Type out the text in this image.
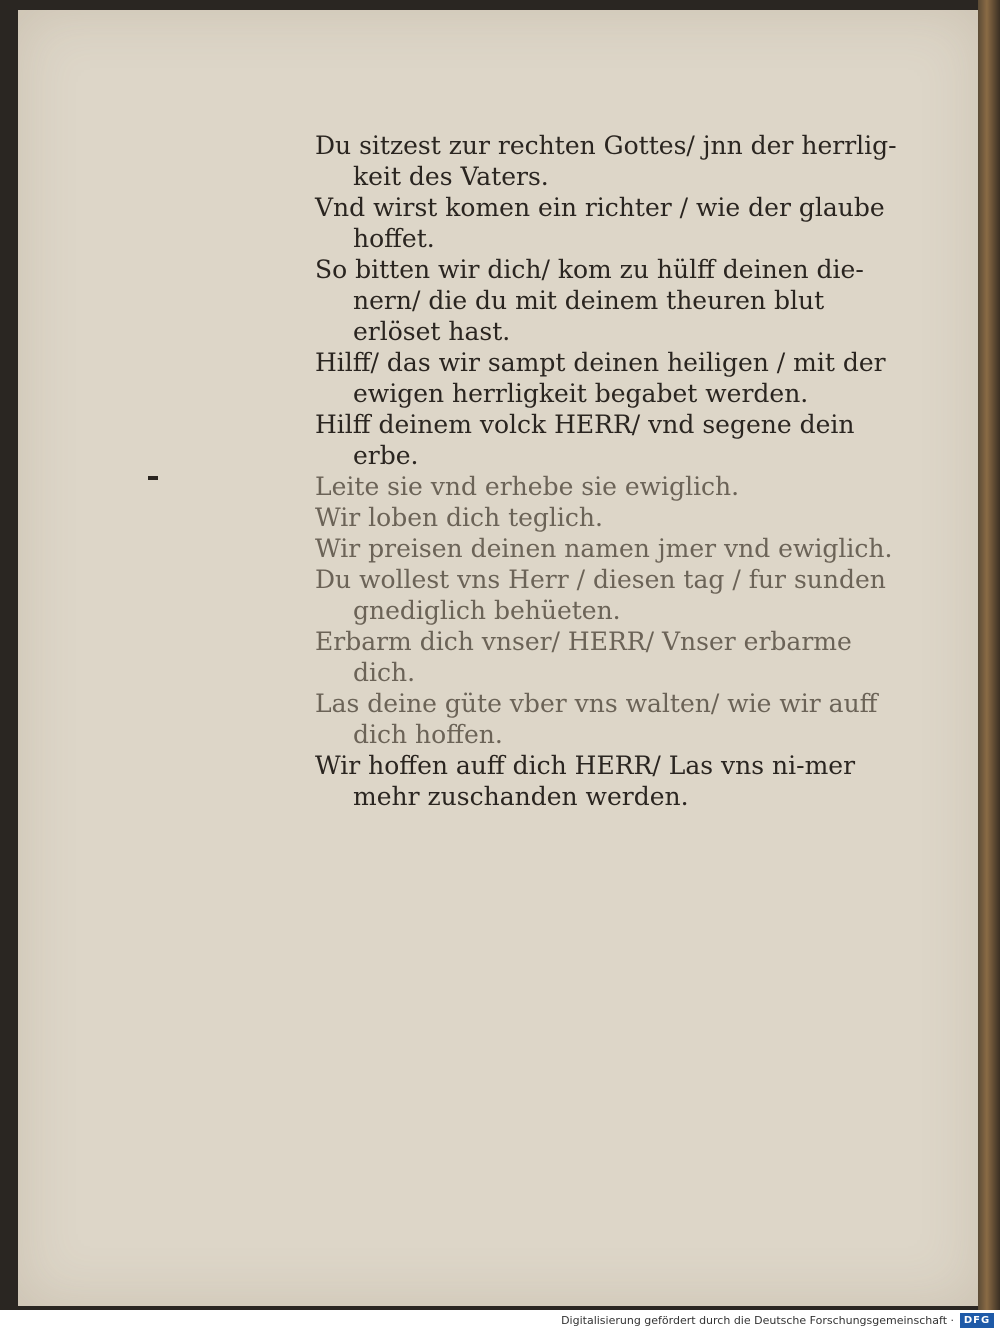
Du sitzest zur rechten Gottes/ jnn der herrlig-keit des Vaters.

Vnd wirst komen ein richter / wie der glaube hoffet.

So bitten wir dich/ kom zu hülff deinen die-nern/ die du mit deinem theuren blut erlöset hast.

Hilff/ das wir sampt deinen heiligen / mit der ewigen herrligkeit begabet werden.

Hilff deinem volck HERR/ vnd segene dein erbe.

Leite sie vnd erhebe sie ewiglich.

Wir loben dich teglich.

Wir preisen deinen namen jmer vnd ewiglich.

Du wollest vns Herr / diesen tag / fur sunden gnediglich behüeten.

Erbarm dich vnser/ HERR/ Vnser erbarme dich.

Las deine güte vber vns walten/ wie wir auff dich hoffen.

Wir hoffen auff dich HERR/ Las vns ni-mer mehr zuschanden werden.

Digitalisierung gefördert durch die Deutsche Forschungsgemeinschaft · DFG
